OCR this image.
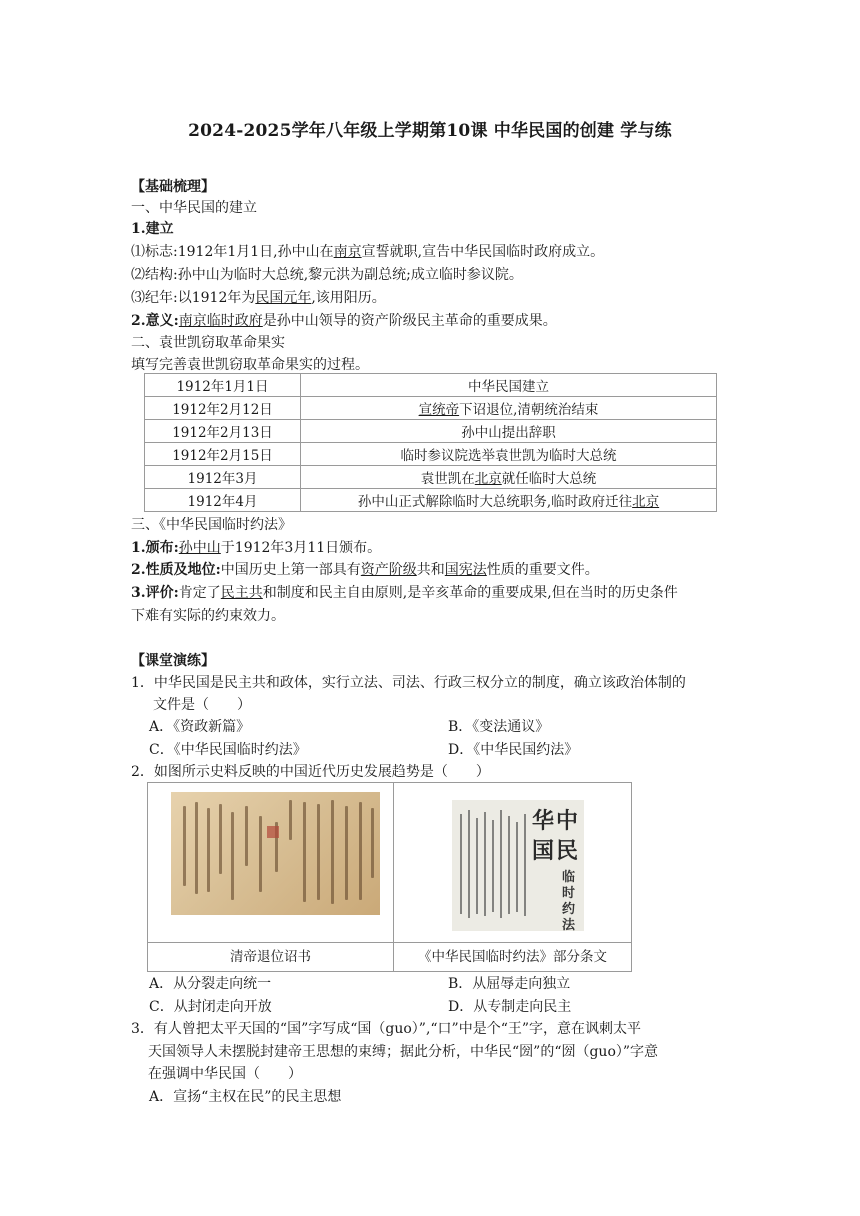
2024-2025学年八年级上学期第10课 中华民国的创建 学与练
【基础梳理】
一、中华民国的建立
1.建立
⑴标志:1912年1月1日,孙中山在南京宣誓就职,宣告中华民国临时政府成立。
⑵结构:孙中山为临时大总统,黎元洪为副总统;成立临时参议院。
⑶纪年:以1912年为民国元年,该用阳历。
2.意义:南京临时政府是孙中山领导的资产阶级民主革命的重要成果。
二、袁世凯窃取革命果实
填写完善袁世凯窃取革命果实的过程。
1912年1月1日	中华民国建立
1912年2月12日	宣统帝下诏退位,清朝统治结束
1912年2月13日	孙中山提出辞职
1912年2月15日	临时参议院选举袁世凯为临时大总统
1912年3月	袁世凯在北京就任临时大总统
1912年4月	孙中山正式解除临时大总统职务,临时政府迁往北京
三、《中华民国临时约法》
1.颁布:孙中山于1912年3月11日颁布。
2.性质及地位:中国历史上第一部具有资产阶级共和国宪法性质的重要文件。
3.评价:肯定了民主共和制度和民主自由原则,是辛亥革命的重要成果,但在当时的历史条件
下难有实际的约束效力。
【课堂演练】
1．中华民国是民主共和政体，实行立法、司法、行政三权分立的制度，确立该政治体制的
文件是（　　）
A．《资政新篇》	B．《变法通议》
C．《中华民国临时约法》	D．《中华民国约法》
2．如图所示史料反映的中国近代历史发展趋势是（　　）
华 中
国 民
临
时
约
法
清帝退位诏书	《中华民国临时约法》部分条文
A．从分裂走向统一	B．从屈辱走向独立
C．从封闭走向开放	D．从专制走向民主
3．有人曾把太平天国的“国”字写成“国（guo）”,“口”中是个“王”字，意在讽刺太平
天国领导人未摆脱封建帝王思想的束缚；据此分析，中华民“圀”的“圀（guo）”字意
在强调中华民国（　　）
A．宣扬“主权在民”的民主思想
